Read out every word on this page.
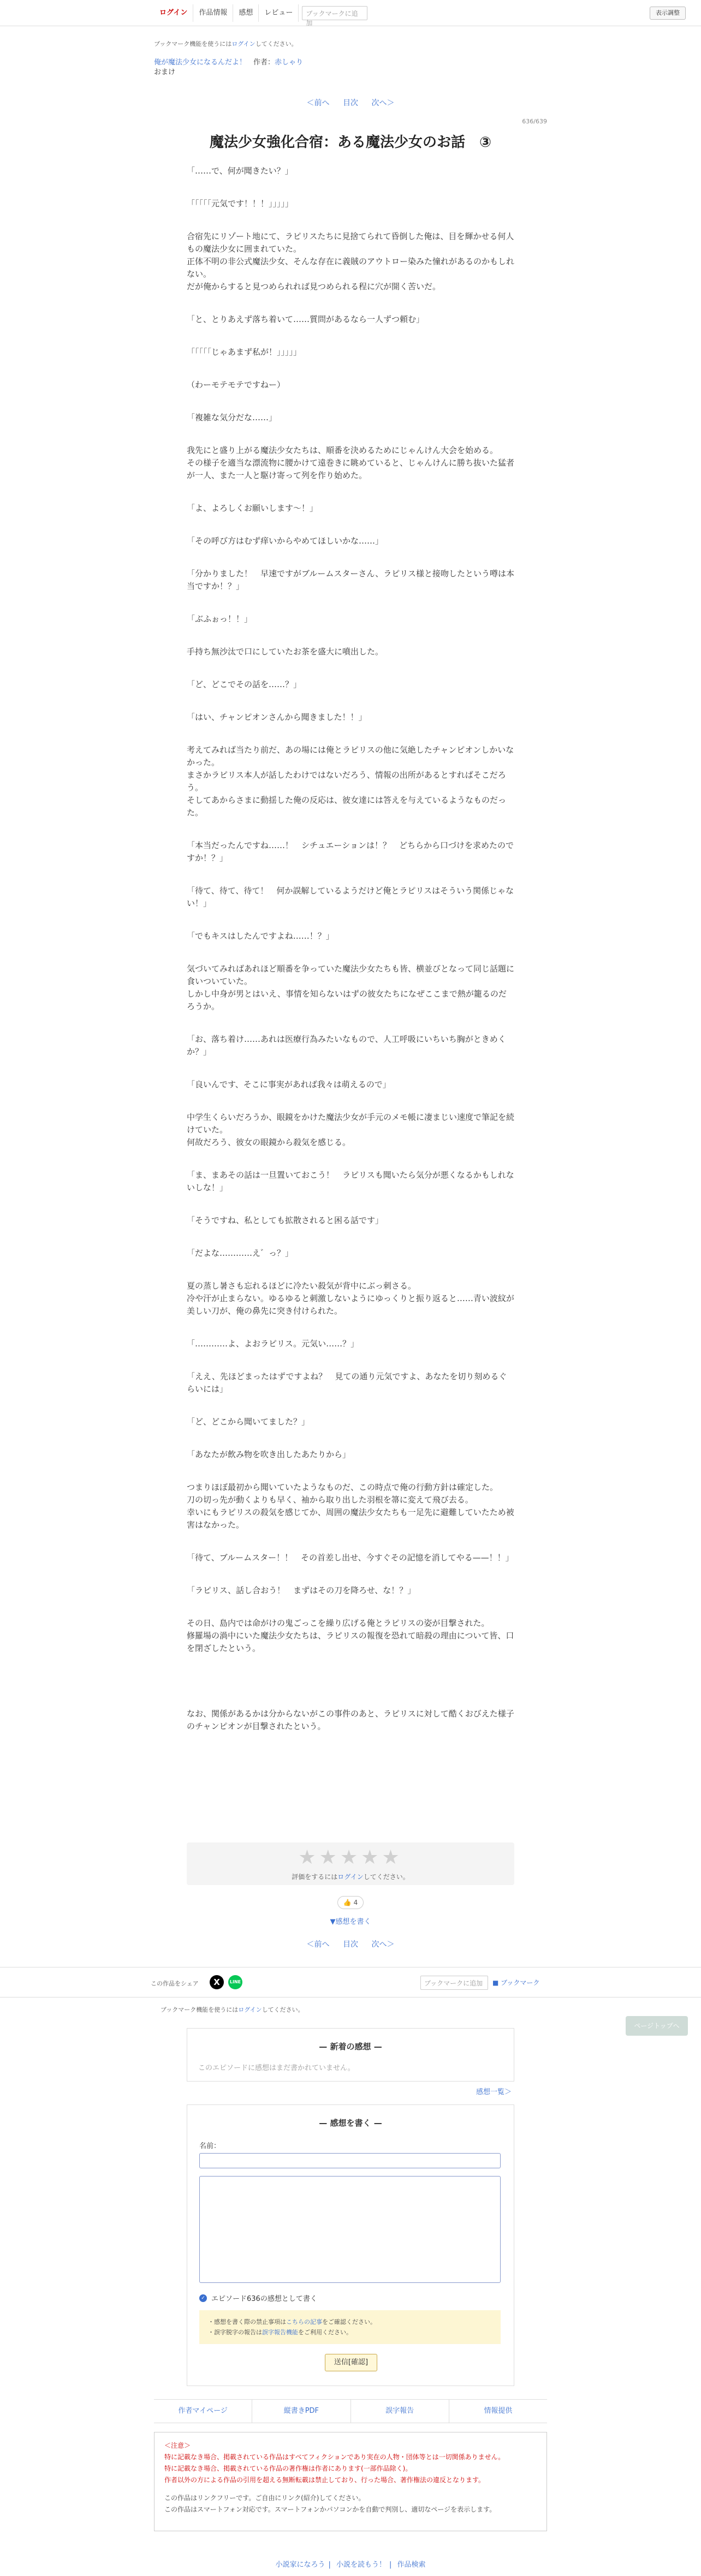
ログイン	作品情報	感想	レビュー	ブックマークに追加
表示調整
ブックマーク機能を使うにはログインしてください。
俺が魔法少女になるんだよ！　 作者：赤しゃり
おまけ
＜前へ 目次 次へ＞
636/639
魔法少女強化合宿：ある魔法少女のお話　③

「……で、何が聞きたい？」

「「「「「元気です！！！」」」」」

合宿先にリゾート地にて、ラピリスたちに見捨てられて昏倒した俺は、目を輝かせる何人もの魔法少女に囲まれていた。
正体不明の非公式魔法少女、そんな存在に義賊のアウトロー染みた憧れがあるのかもしれない。
だが俺からすると見つめられれば見つめられる程に穴が開く苦いだ。

「と、とりあえず落ち着いて……質問があるなら一人ずつ頼む」

「「「「「じゃあまず私が！」」」」」

（わーモテモテですねー）

「複雑な気分だな……」

我先にと盛り上がる魔法少女たちは、順番を決めるためにじゃんけん大会を始める。
その様子を適当な漂流物に腰かけて遠巻きに眺めていると、じゃんけんに勝ち抜いた猛者が一人、また一人と駆け寄って列を作り始めた。

「よ、よろしくお願いします〜！」

「その呼び方はむず痒いからやめてほしいかな……」

「分かりました！　早速ですがブルームスターさん、ラピリス様と接吻したという噂は本当ですか！？」

「ぶふぉっ！！」

手持ち無沙汰で口にしていたお茶を盛大に噴出した。

「ど、どこでその話を……？」

「はい、チャンピオンさんから聞きました！！」

考えてみれば当たり前だ、あの場には俺とラピリスの他に気絶したチャンピオンしかいなかった。
まさかラピリス本人が話したわけではないだろう、情報の出所があるとすればそこだろう。
そしてあからさまに動揺した俺の反応は、彼女達には答えを与えているようなものだった。

「本当だったんですね……！　シチュエーションは！？　どちらから口づけを求めたのですか！？」

「待て、待て、待て！　何か誤解しているようだけど俺とラピリスはそういう関係じゃない！」

「でもキスはしたんですよね……！？」

気づいてみればあれほど順番を争っていた魔法少女たちも皆、横並びとなって同じ話題に食いついていた。
しかし中身が男とはいえ、事情を知らないはずの彼女たちになぜここまで熱が籠るのだろうか。

「お、落ち着け……あれは医療行為みたいなもので、人工呼吸にいちいち胸がときめくか？」

「良いんです、そこに事実があれば我々は萌えるので」

中学生くらいだろうか、眼鏡をかけた魔法少女が手元のメモ帳に凄まじい速度で筆記を続けていた。
何故だろう、彼女の眼鏡から殺気を感じる。

「ま、まあその話は一旦置いておこう！　ラピリスも聞いたら気分が悪くなるかもしれないしな！」

「そうですね、私としても拡散されると困る話です」

「だよな…………え゛っ？」

夏の蒸し暑さも忘れるほどに冷たい殺気が背中にぶっ刺さる。
冷や汗が止まらない。ゆるゆると刺激しないようにゆっくりと振り返ると……青い波紋が美しい刀が、俺の鼻先に突き付けられた。

「…………よ、よおラピリス。元気い……？」

「ええ、先ほどまったはずですよね？　見ての通り元気ですよ、あなたを切り刻めるぐらいには」

「ど、どこから聞いてました？」

「あなたが飲み物を吹き出したあたりから」

つまりほぼ最初から聞いていたようなものだ、この時点で俺の行動方針は確定した。
刀の切っ先が動くよりも早く、袖から取り出した羽根を箒に変えて飛び去る。
幸いにもラピリスの殺気を感じてか、周囲の魔法少女たちも一足先に避難していたため被害はなかった。

「待て、ブルームスター！！　その首差し出せ、今すぐその記憶を消してやる——！！」

「ラピリス、話し合おう！　まずはその刀を降ろせ、な！？」

その日、島内では命がけの鬼ごっこを繰り広げる俺とラピリスの姿が目撃された。
修羅場の渦中にいた魔法少女たちは、ラピリスの報復を恐れて暗殺の理由について皆、口を閉ざしたという。

なお、関係があるかは分からないがこの事件のあと、ラピリスに対して酷くおびえた様子のチャンピオンが目撃されたという。

★★★★★
評価をするにはログインしてください。
👍 4
▼感想を書く
＜前へ 目次 次へ＞
この作品をシェア	X	LINE	ブックマークに追加	■ ブックマーク
ブックマーク機能を使うにはログインしてください。
ページトップへ
— 新着の感想 —
このエピソードに感想はまだ書かれていません。
感想一覧＞
— 感想を書く —
名前：
✓ エピソード636の感想として書く
・感想を書く際の禁止事項はこちらの記事をご確認ください。
・誤字脱字の報告は誤字報告機能をご利用ください。
送信[確認]
作者マイページ	縦書きPDF	誤字報告	情報提供
＜注意＞
特に記載なき場合、掲載されている作品はすべてフィクションであり実在の人物・団体等とは一切関係ありません。
特に記載なき場合、掲載されている作品の著作権は作者にあります(一部作品除く)。
作者以外の方による作品の引用を超える無断転載は禁止しており、行った場合、著作権法の違反となります。
この作品はリンクフリーです。ご自由にリンク(紹介)してください。
この作品はスマートフォン対応です。スマートフォンかパソコンかを自動で判別し、適切なページを表示します。
小説家になろう | 小説を読もう！ | 作品検索
